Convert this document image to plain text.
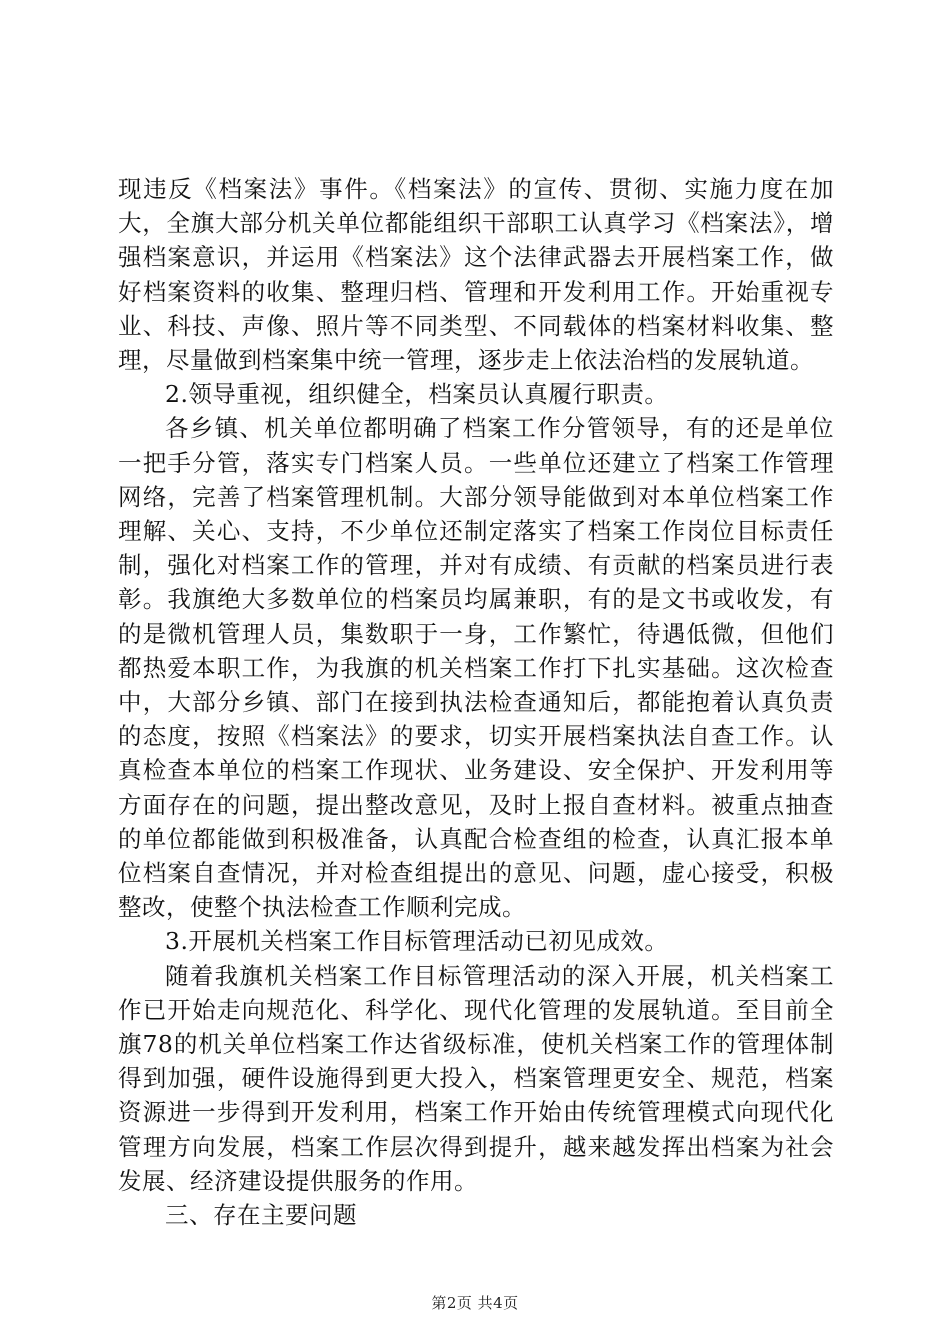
现违反《档案法》事件。《档案法》的宣传、贯彻、实施力度在加大，全旗大部分机关单位都能组织干部职工认真学习《档案法》，增强档案意识，并运用《档案法》这个法律武器去开展档案工作，做好档案资料的收集、整理归档、管理和开发利用工作。开始重视专业、科技、声像、照片等不同类型、不同载体的档案材料收集、整理，尽量做到档案集中统一管理，逐步走上依法治档的发展轨道。

2.领导重视，组织健全，档案员认真履行职责。

各乡镇、机关单位都明确了档案工作分管领导，有的还是单位一把手分管，落实专门档案人员。一些单位还建立了档案工作管理网络，完善了档案管理机制。大部分领导能做到对本单位档案工作理解、关心、支持，不少单位还制定落实了档案工作岗位目标责任制，强化对档案工作的管理，并对有成绩、有贡献的档案员进行表彰。我旗绝大多数单位的档案员均属兼职，有的是文书或收发，有的是微机管理人员，集数职于一身，工作繁忙，待遇低微，但他们都热爱本职工作，为我旗的机关档案工作打下扎实基础。这次检查中，大部分乡镇、部门在接到执法检查通知后，都能抱着认真负责的态度，按照《档案法》的要求，切实开展档案执法自查工作。认真检查本单位的档案工作现状、业务建设、安全保护、开发利用等方面存在的问题，提出整改意见，及时上报自查材料。被重点抽查的单位都能做到积极准备，认真配合检查组的检查，认真汇报本单位档案自查情况，并对检查组提出的意见、问题，虚心接受，积极整改，使整个执法检查工作顺利完成。

3.开展机关档案工作目标管理活动已初见成效。

随着我旗机关档案工作目标管理活动的深入开展，机关档案工作已开始走向规范化、科学化、现代化管理的发展轨道。至目前全旗78的机关单位档案工作达省级标准，使机关档案工作的管理体制得到加强，硬件设施得到更大投入，档案管理更安全、规范，档案资源进一步得到开发利用，档案工作开始由传统管理模式向现代化管理方向发展，档案工作层次得到提升，越来越发挥出档案为社会发展、经济建设提供服务的作用。

三、存在主要问题

第2页 共4页
